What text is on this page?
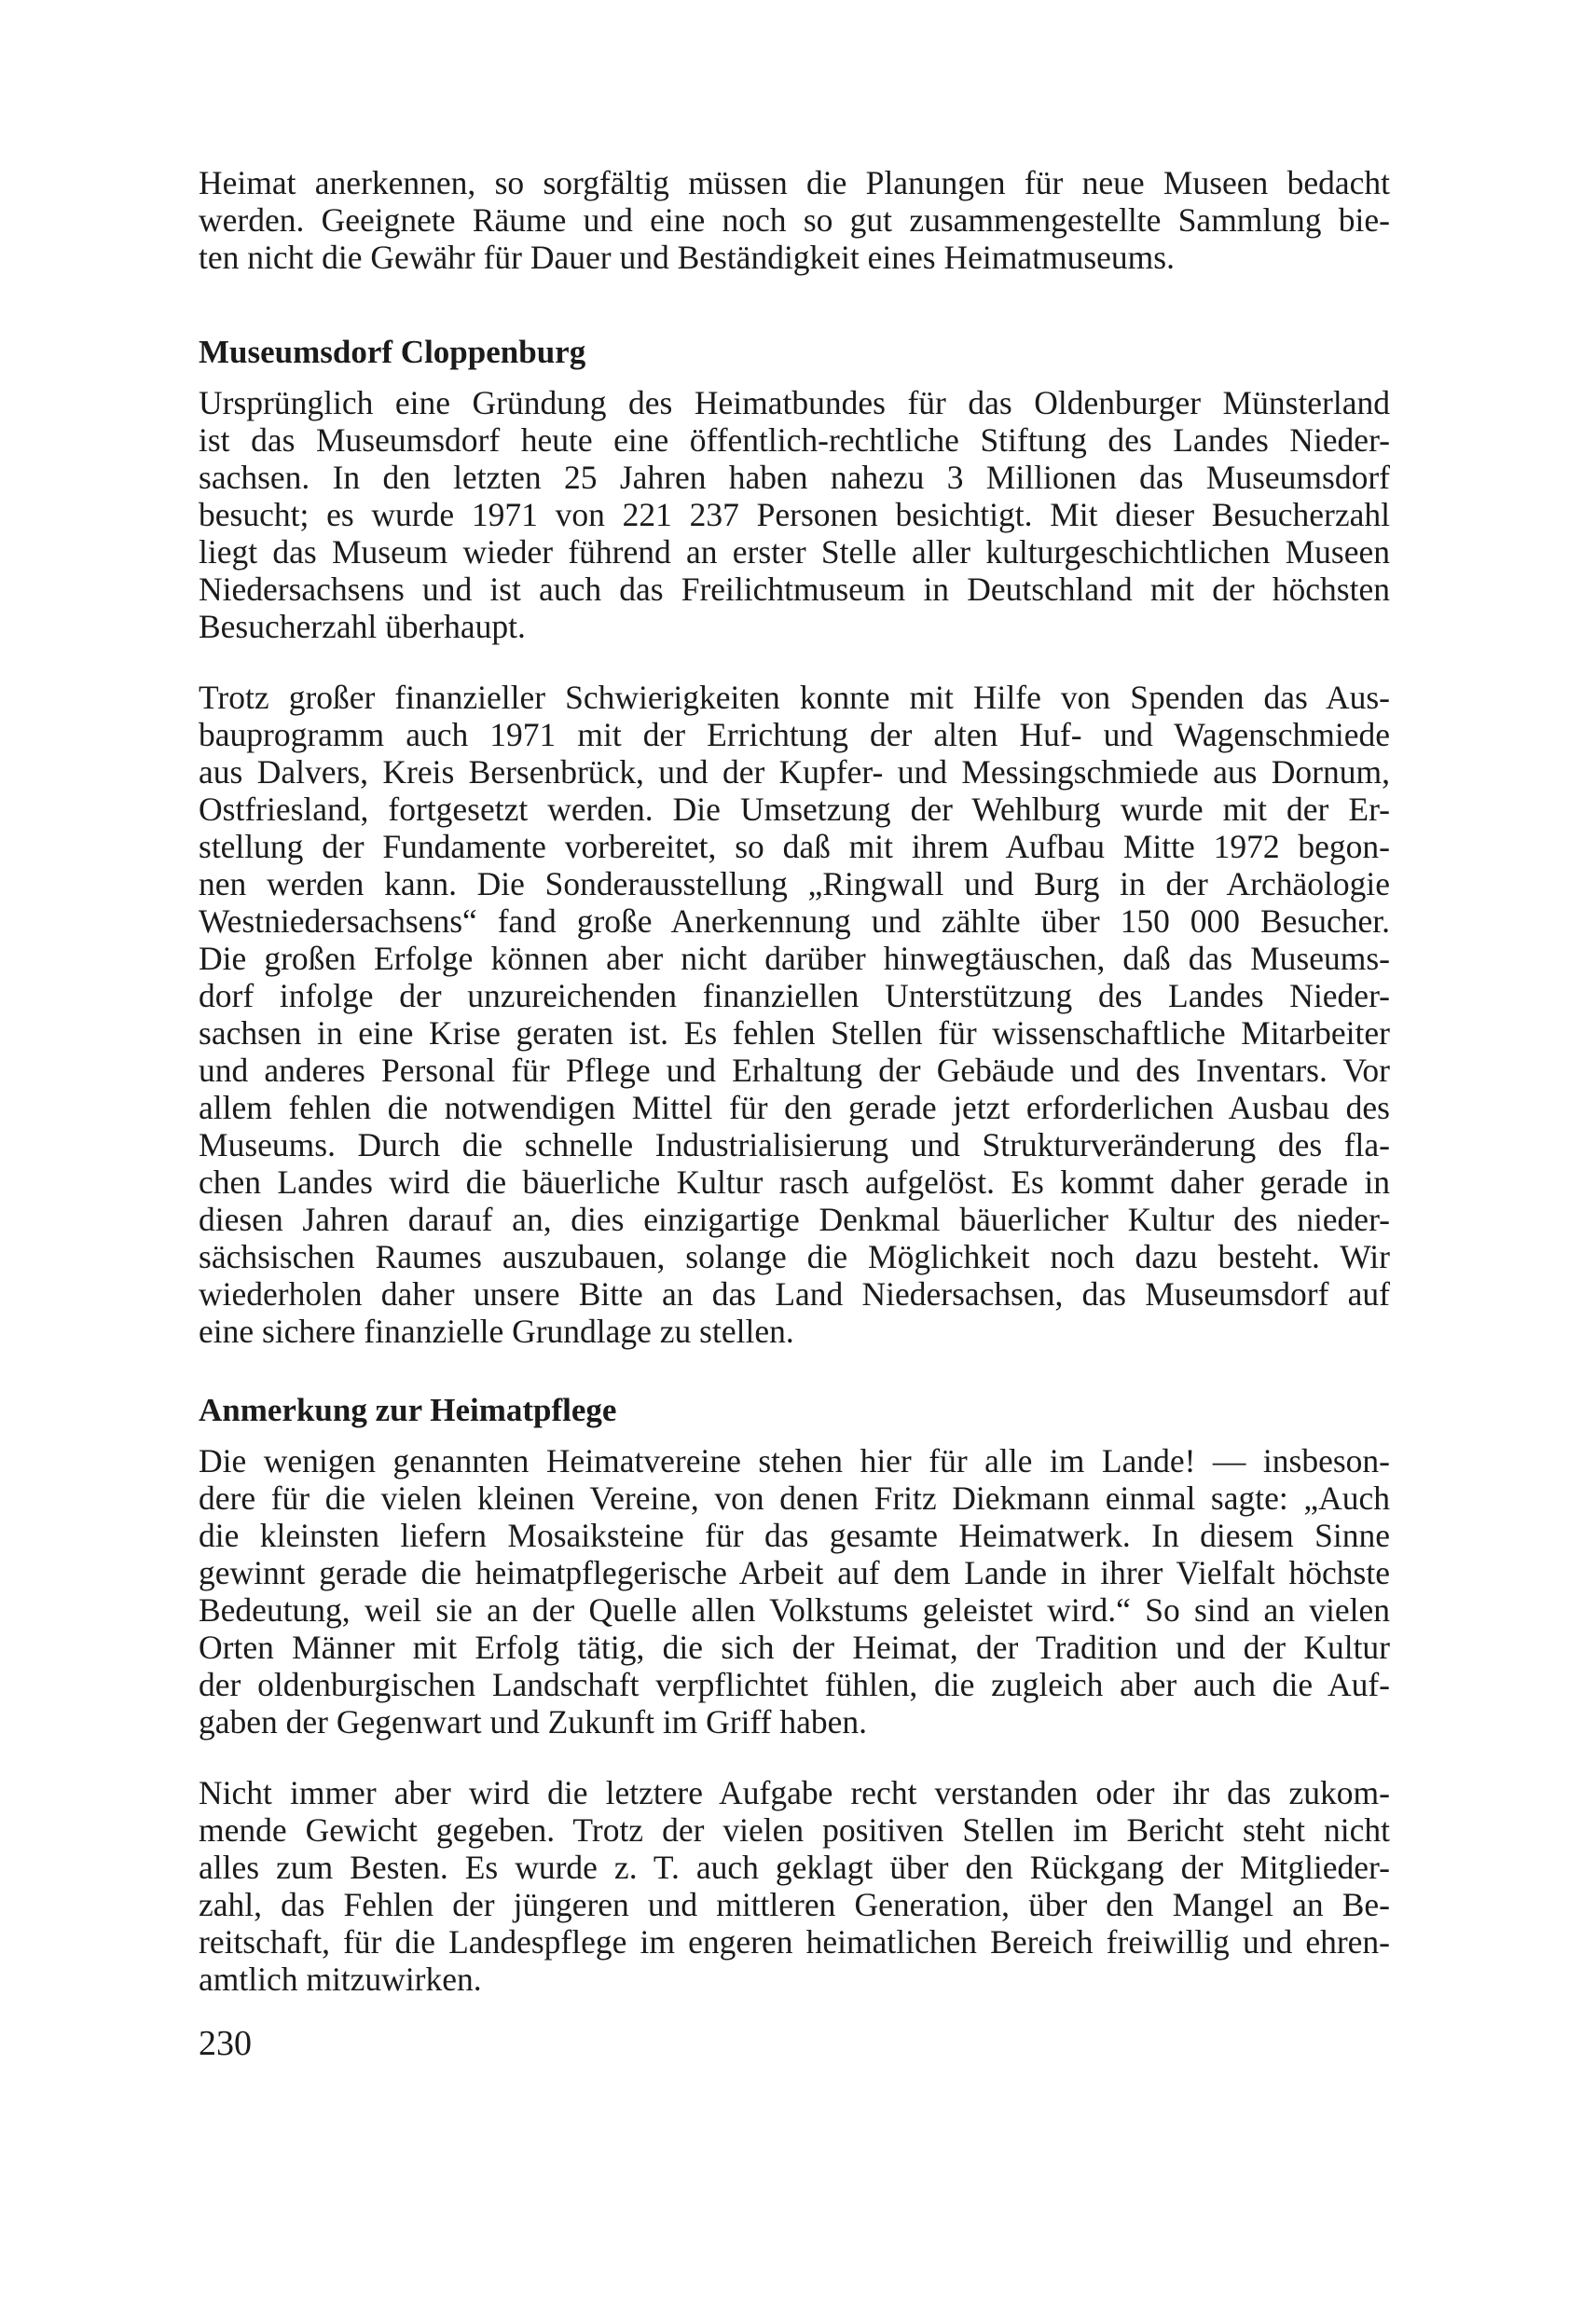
Heimat anerkennen, so sorgfältig müssen die Planungen für neue Museen bedacht
werden. Geeignete Räume und eine noch so gut zusammengestellte Sammlung bie-
ten nicht die Gewähr für Dauer und Beständigkeit eines Heimatmuseums.
Museumsdorf Cloppenburg
Ursprünglich eine Gründung des Heimatbundes für das Oldenburger Münsterland
ist das Museumsdorf heute eine öffentlich-rechtliche Stiftung des Landes Nieder-
sachsen. In den letzten 25 Jahren haben nahezu 3 Millionen das Museumsdorf
besucht; es wurde 1971 von 221 237 Personen besichtigt. Mit dieser Besucherzahl
liegt das Museum wieder führend an erster Stelle aller kulturgeschichtlichen Museen
Niedersachsens und ist auch das Freilichtmuseum in Deutschland mit der höchsten
Besucherzahl überhaupt.
Trotz großer finanzieller Schwierigkeiten konnte mit Hilfe von Spenden das Aus-
bauprogramm auch 1971 mit der Errichtung der alten Huf- und Wagenschmiede
aus Dalvers, Kreis Bersenbrück, und der Kupfer- und Messingschmiede aus Dornum,
Ostfriesland, fortgesetzt werden. Die Umsetzung der Wehlburg wurde mit der Er-
stellung der Fundamente vorbereitet, so daß mit ihrem Aufbau Mitte 1972 begon-
nen werden kann. Die Sonderausstellung „Ringwall und Burg in der Archäologie
Westniedersachsens“ fand große Anerkennung und zählte über 150 000 Besucher.
Die großen Erfolge können aber nicht darüber hinwegtäuschen, daß das Museums-
dorf infolge der unzureichenden finanziellen Unterstützung des Landes Nieder-
sachsen in eine Krise geraten ist. Es fehlen Stellen für wissenschaftliche Mitarbeiter
und anderes Personal für Pflege und Erhaltung der Gebäude und des Inventars. Vor
allem fehlen die notwendigen Mittel für den gerade jetzt erforderlichen Ausbau des
Museums. Durch die schnelle Industrialisierung und Strukturveränderung des fla-
chen Landes wird die bäuerliche Kultur rasch aufgelöst. Es kommt daher gerade in
diesen Jahren darauf an, dies einzigartige Denkmal bäuerlicher Kultur des nieder-
sächsischen Raumes auszubauen, solange die Möglichkeit noch dazu besteht. Wir
wiederholen daher unsere Bitte an das Land Niedersachsen, das Museumsdorf auf
eine sichere finanzielle Grundlage zu stellen.
Anmerkung zur Heimatpflege
Die wenigen genannten Heimatvereine stehen hier für alle im Lande! — insbeson-
dere für die vielen kleinen Vereine, von denen Fritz Diekmann einmal sagte: „Auch
die kleinsten liefern Mosaiksteine für das gesamte Heimatwerk. In diesem Sinne
gewinnt gerade die heimatpflegerische Arbeit auf dem Lande in ihrer Vielfalt höchste
Bedeutung, weil sie an der Quelle allen Volkstums geleistet wird.“ So sind an vielen
Orten Männer mit Erfolg tätig, die sich der Heimat, der Tradition und der Kultur
der oldenburgischen Landschaft verpflichtet fühlen, die zugleich aber auch die Auf-
gaben der Gegenwart und Zukunft im Griff haben.
Nicht immer aber wird die letztere Aufgabe recht verstanden oder ihr das zukom-
mende Gewicht gegeben. Trotz der vielen positiven Stellen im Bericht steht nicht
alles zum Besten. Es wurde z. T. auch geklagt über den Rückgang der Mitglieder-
zahl, das Fehlen der jüngeren und mittleren Generation, über den Mangel an Be-
reitschaft, für die Landespflege im engeren heimatlichen Bereich freiwillig und ehren-
amtlich mitzuwirken.
230
